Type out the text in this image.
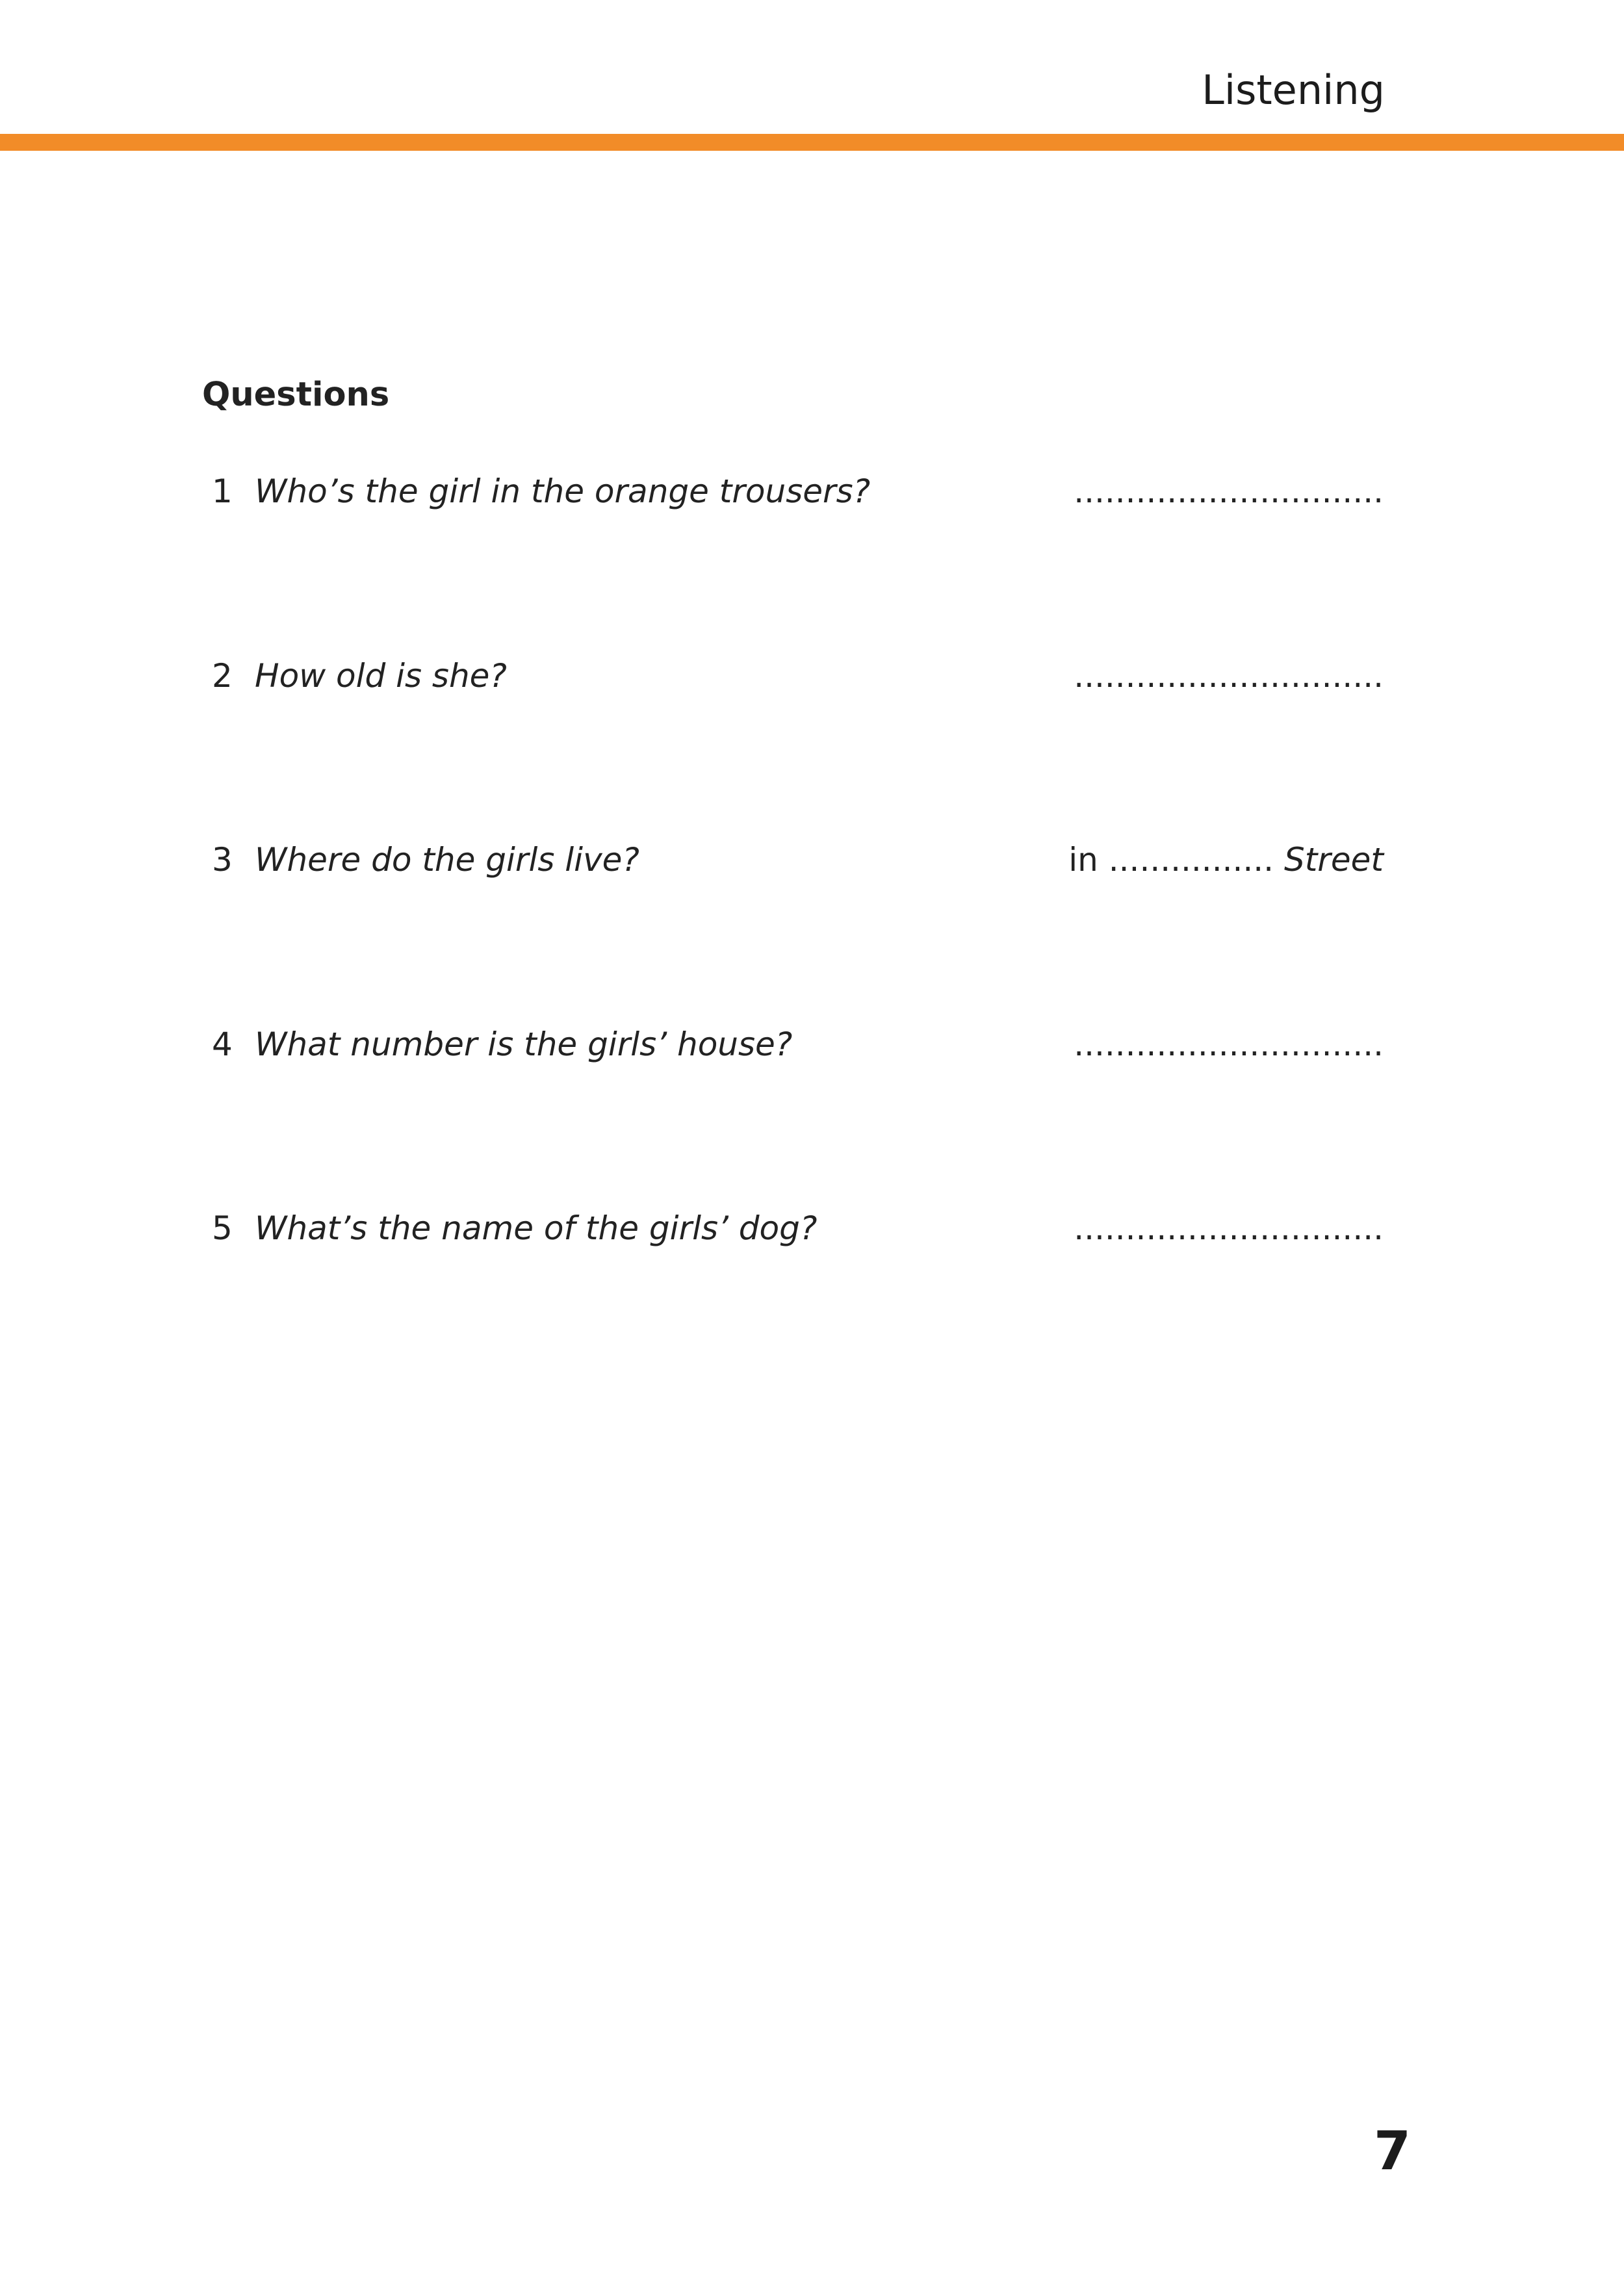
Listening
Questions
1 Who’s the girl in the orange trousers?	..............................
2 How old is she?	..............................
3 Where do the girls live?	in ................ Street
4 What number is the girls’ house?	..............................
5 What’s the name of the girls’ dog?	..............................
7
